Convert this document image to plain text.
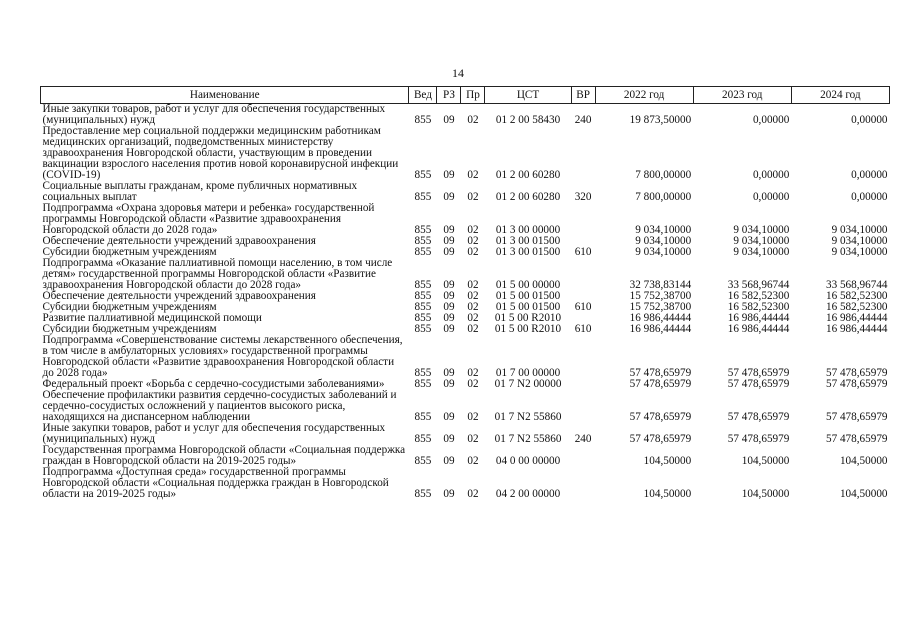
14
Наименование	Вед	РЗ	Пр	ЦСТ	ВР	2022 год	2023 год	2024 год
Иные закупки товаров, работ и услуг для обеспечения государственных (муниципальных) нужд	855	09	02	01 2 00 58430	240	19 873,50000	0,00000	0,00000
Предоставление мер социальной поддержки медицинским работникам медицинских организаций, подведомственных министерству здравоохранения Новгородской области, участвующим в проведении вакцинации взрослого населения против новой коронавирусной инфекции (COVID-19)	855	09	02	01 2 00 60280		7 800,00000	0,00000	0,00000
Социальные выплаты гражданам, кроме публичных нормативных социальных выплат	855	09	02	01 2 00 60280	320	7 800,00000	0,00000	0,00000
Подпрограмма «Охрана здоровья матери и ребенка» государственной программы Новгородской области «Развитие здравоохранения Новгородской области до 2028 года»	855	09	02	01 3 00 00000		9 034,10000	9 034,10000	9 034,10000
Обеспечение деятельности учреждений здравоохранения	855	09	02	01 3 00 01500		9 034,10000	9 034,10000	9 034,10000
Субсидии бюджетным учреждениям	855	09	02	01 3 00 01500	610	9 034,10000	9 034,10000	9 034,10000
Подпрограмма «Оказание паллиативной помощи населению, в том числе детям» государственной программы Новгородской области «Развитие здравоохранения Новгородской области до 2028 года»	855	09	02	01 5 00 00000		32 738,83144	33 568,96744	33 568,96744
Обеспечение деятельности учреждений здравоохранения	855	09	02	01 5 00 01500		15 752,38700	16 582,52300	16 582,52300
Субсидии бюджетным учреждениям	855	09	02	01 5 00 01500	610	15 752,38700	16 582,52300	16 582,52300
Развитие паллиативной медицинской помощи	855	09	02	01 5 00 R2010		16 986,44444	16 986,44444	16 986,44444
Субсидии бюджетным учреждениям	855	09	02	01 5 00 R2010	610	16 986,44444	16 986,44444	16 986,44444
Подпрограмма «Совершенствование системы лекарственного обеспечения, в том числе в амбулаторных условиях» государственной программы Новгородской области «Развитие здравоохранения Новгородской области до 2028 года»	855	09	02	01 7 00 00000		57 478,65979	57 478,65979	57 478,65979
Федеральный проект «Борьба с сердечно-сосудистыми заболеваниями»	855	09	02	01 7 N2 00000		57 478,65979	57 478,65979	57 478,65979
Обеспечение профилактики развития сердечно-сосудистых заболеваний и сердечно-сосудистых осложнений у пациентов высокого риска, находящихся на диспансерном наблюдении	855	09	02	01 7 N2 55860		57 478,65979	57 478,65979	57 478,65979
Иные закупки товаров, работ и услуг для обеспечения государственных (муниципальных) нужд	855	09	02	01 7 N2 55860	240	57 478,65979	57 478,65979	57 478,65979
Государственная программа Новгородской области «Социальная поддержка граждан в Новгородской области на 2019-2025 годы»	855	09	02	04 0 00 00000		104,50000	104,50000	104,50000
Подпрограмма «Доступная среда» государственной программы Новгородской области «Социальная поддержка граждан в Новгородской области на 2019-2025 годы»	855	09	02	04 2 00 00000		104,50000	104,50000	104,50000
